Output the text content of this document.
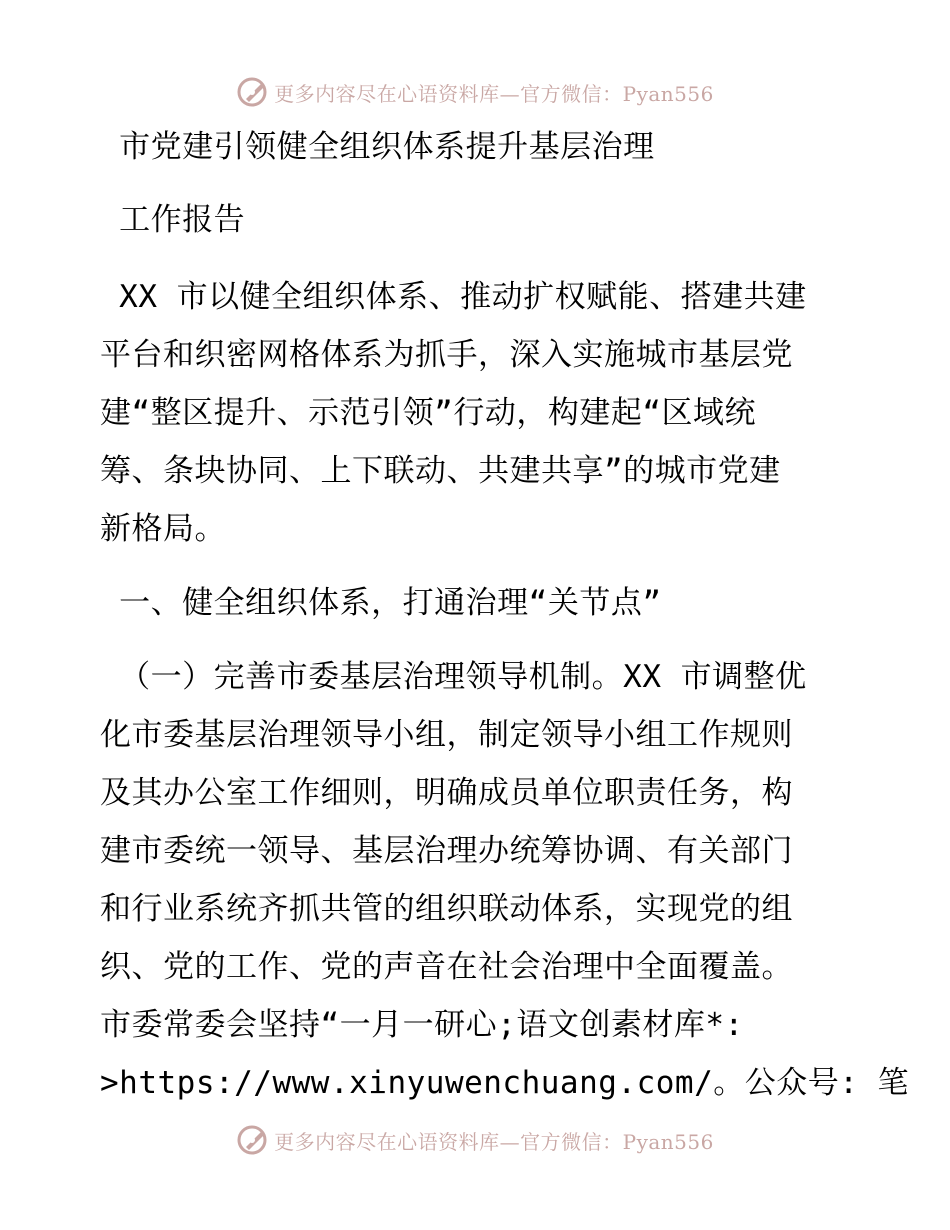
更多内容尽在心语资料库—官方微信：Pyan556
市党建引领健全组织体系提升基层治理
工作报告
XX 市以健全组织体系、推动扩权赋能、搭建共建
平台和织密网格体系为抓手，深入实施城市基层党
建“整区提升、示范引领”行动，构建起“区域统
筹、条块协同、上下联动、共建共享”的城市党建
新格局。
一、健全组织体系，打通治理“关节点”
（一）完善市委基层治理领导机制。XX 市调整优
化市委基层治理领导小组，制定领导小组工作规则
及其办公室工作细则，明确成员单位职责任务，构
建市委统一领导、基层治理办统筹协调、有关部门
和行业系统齐抓共管的组织联动体系，实现党的组
织、党的工作、党的声音在社会治理中全面覆盖。
市委常委会坚持“一月一研心;语文创素材库*:
>https://www.xinyuwenchuang.com/。公众号: 笔
更多内容尽在心语资料库—官方微信：Pyan556
